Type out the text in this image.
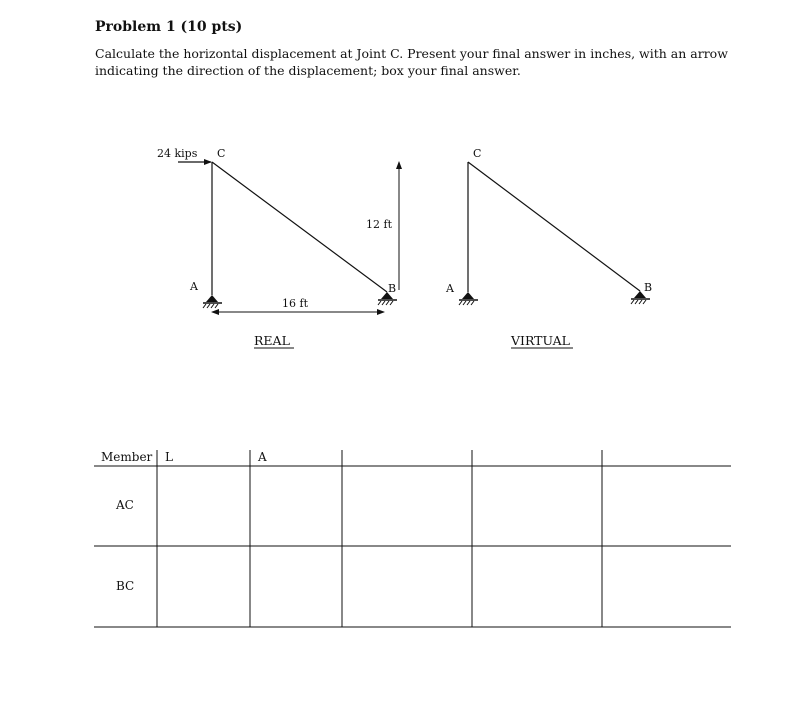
Problem 1 (10 pts)
Calculate the horizontal displacement at Joint C. Present your final answer in inches, with an arrow indicating the direction of the displacement; box your final answer.
24 kips C
A	B
12 ft
16 ft
REAL
C
A	B
VIRTUAL
Member L	A
AC
BC
